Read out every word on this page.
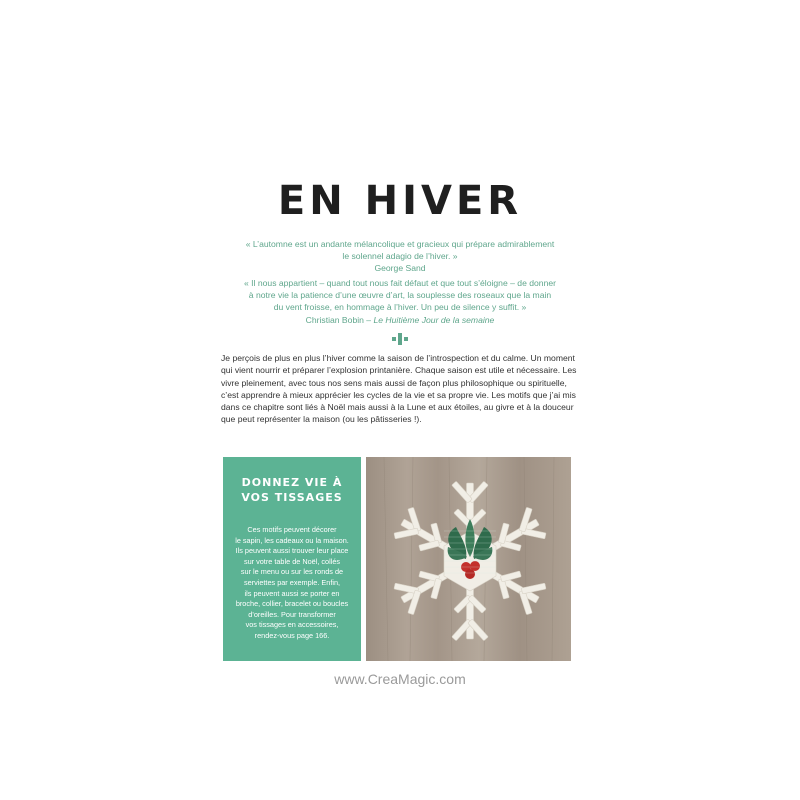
EN HIVER
« L’automne est un andante mélancolique et gracieux qui prépare admirablement
le solennel adagio de l’hiver. »
George Sand
« Il nous appartient – quand tout nous fait défaut et que tout s’éloigne – de donner
à notre vie la patience d’une œuvre d’art, la souplesse des roseaux que la main
du vent froisse, en hommage à l’hiver. Un peu de silence y suffit. »
Christian Bobin – Le Huitième Jour de la semaine
Je perçois de plus en plus l’hiver comme la saison de l’introspection et du calme. Un moment
qui vient nourrir et préparer l’explosion printanière. Chaque saison est utile et nécessaire. Les
vivre pleinement, avec tous nos sens mais aussi de façon plus philosophique ou spirituelle,
c’est apprendre à mieux apprécier les cycles de la vie et sa propre vie. Les motifs que j’ai mis
dans ce chapitre sont liés à Noël mais aussi à la Lune et aux étoiles, au givre et à la douceur
que peut représenter la maison (ou les pâtisseries !).
DONNEZ VIE À
VOS TISSAGES
Ces motifs peuvent décorer
le sapin, les cadeaux ou la maison.
Ils peuvent aussi trouver leur place
sur votre table de Noël, collés
sur le menu ou sur les ronds de
serviettes par exemple. Enfin,
ils peuvent aussi se porter en
broche, collier, bracelet ou boucles
d’oreilles. Pour transformer
vos tissages en accessoires,
rendez-vous page 166.
www.CreaMagic.com
